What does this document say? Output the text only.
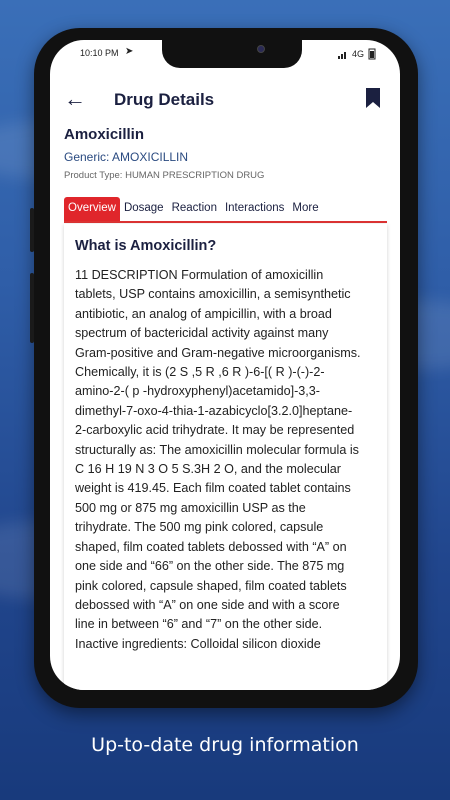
10:10 PM ➤	4G
← Drug Details
Amoxicillin
Generic: AMOXICILLIN
Product Type: HUMAN PRESCRIPTION DRUG
Overview Dosage Reaction Interactions More
What is Amoxicillin?
11 DESCRIPTION Formulation of amoxicillin tablets, USP contains amoxicillin, a semisynthetic antibiotic, an analog of ampicillin, with a broad spectrum of bactericidal activity against many Gram-positive and Gram-negative microorganisms. Chemically, it is (2 S ,5 R ,6 R )-6-[( R )-(-)-2-amino-2-( p -hydroxyphenyl)acetamido]-3,3-dimethyl-7-oxo-4-thia-1-azabicyclo[3.2.0]heptane-2-carboxylic acid trihydrate. It may be represented structurally as: The amoxicillin molecular formula is C 16 H 19 N 3 O 5 S.3H 2 O, and the molecular weight is 419.45. Each film coated tablet contains 500 mg or 875 mg amoxicillin USP as the trihydrate. The 500 mg pink colored, capsule shaped, film coated tablets debossed with “A” on one side and “66” on the other side. The 875 mg pink colored, capsule shaped, film coated tablets debossed with “A” on one side and with a score line in between “6” and “7” on the other side. Inactive ingredients: Colloidal silicon dioxide
Up-to-date drug information
